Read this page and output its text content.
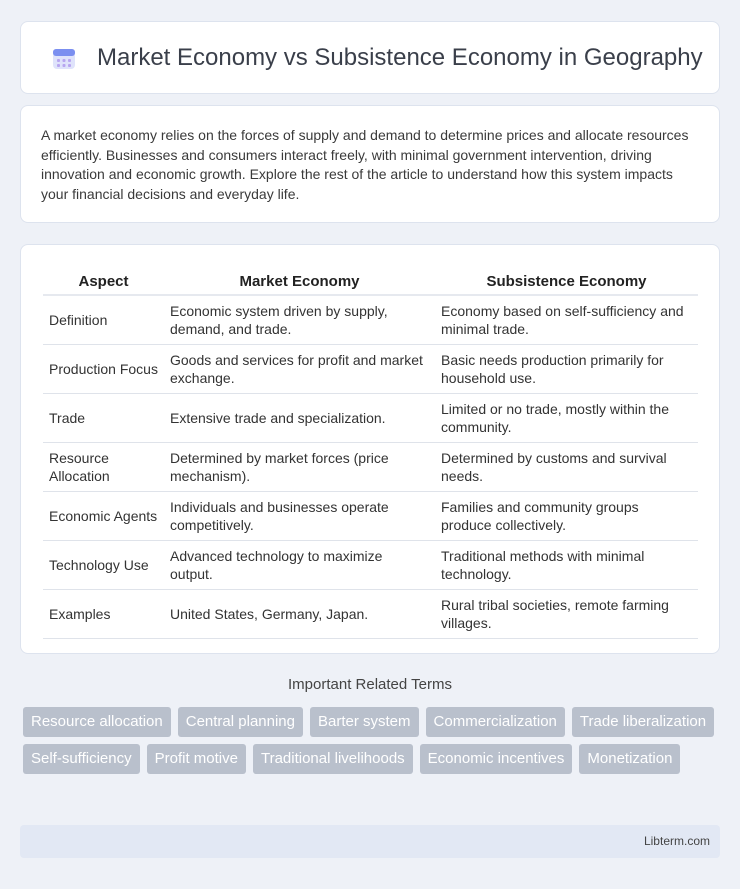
Market Economy vs Subsistence Economy in Geography

A market economy relies on the forces of supply and demand to determine prices and allocate resources efficiently. Businesses and consumers interact freely, with minimal government intervention, driving innovation and economic growth. Explore the rest of the article to understand how this system impacts your financial decisions and everyday life.

Aspect	Market Economy	Subsistence Economy
Definition	Economic system driven by supply, demand, and trade.	Economy based on self-sufficiency and minimal trade.
Production Focus	Goods and services for profit and market exchange.	Basic needs production primarily for household use.
Trade	Extensive trade and specialization.	Limited or no trade, mostly within the community.
Resource Allocation	Determined by market forces (price mechanism).	Determined by customs and survival needs.
Economic Agents	Individuals and businesses operate competitively.	Families and community groups produce collectively.
Technology Use	Advanced technology to maximize output.	Traditional methods with minimal technology.
Examples	United States, Germany, Japan.	Rural tribal societies, remote farming villages.
Important Related Terms
Resource allocation	Central planning	Barter system	Commercialization	Trade liberalization
Self-sufficiency	Profit motive	Traditional livelihoods	Economic incentives	Monetization
Libterm.com
